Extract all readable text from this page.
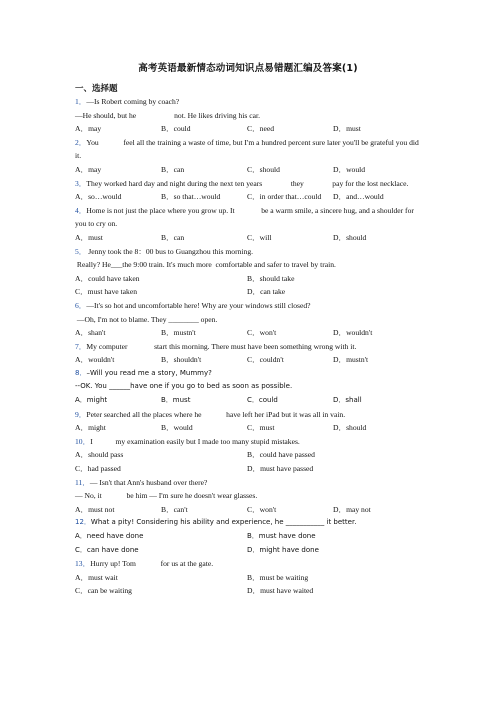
高考英语最新情态动词知识点易错题汇编及答案(1)
一、选择题
1．—Is Robert coming by coach?
—He should, but he                    not. He likes driving his car.
A．may	B．could	C．need	D．must
2．You             feel all the training a waste of time, but I'm a hundred percent sure later you'll be grateful you did it.
A．may	B．can	C．should	D．would
3．They worked hard day and night during the next ten years               they               pay for the lost necklace.
A．so…would	B．so that…would	C．in order that…could	D．and…would
4．Home is not just the place where you grow up. It              be a warm smile, a sincere hug, and a shoulder for you to cry on.
A．must	B．can	C．will	D．should
5． Jenny took the 8：00 bus to Guangzhou this morning.
Really? He___the 9:00 train. It's much more  comfortable and safer to travel by train.
A．could have taken	B．should take
C．must have taken	D．can take
6．—It's so hot and uncomfortable here! Why are your windows still closed?
—Oh, I'm not to blame. They ________ open.
A．shan't	B．mustn't	C．won't	D．wouldn't
7．My computer              start this morning. There must have been something wrong with it.
A．wouldn't	B．shouldn't	C．couldn't	D．mustn't
8．–Will you read me a story, Mummy?
--OK. You ______have one if you go to bed as soon as possible.
A．might	B．must	C．could	D．shall
9．Peter searched all the places where he             have left her iPad but it was all in vain.
A．might	B．would	C．must	D．should
10．I            my examination easily but I made too many stupid mistakes.
A．should pass	B．could have passed
C．had passed	D．must have passed
11．— Isn't that Ann's husband over there?
— No, it             be him — I'm sure he doesn't wear glasses.
A．must not	B．can't	C．won't	D．may not
12．What a pity! Considering his ability and experience, he ___________ it better.
A．need have done	B．must have done
C．can have done	D．might have done
13．Hurry up! Tom             for us at the gate.
A．must wait	B．must be waiting
C．can be waiting	D．must have waited
